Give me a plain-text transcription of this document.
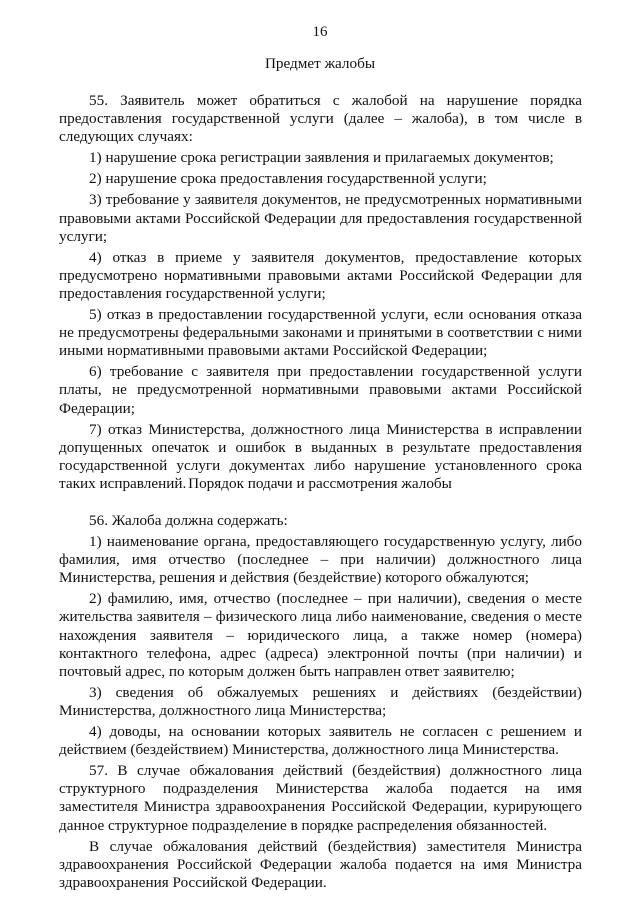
16
Предмет жалобы

55. Заявитель может обратиться с жалобой на нарушение порядка предоставления государственной услуги (далее – жалоба), в том числе в следующих случаях:

1) нарушение срока регистрации заявления и прилагаемых документов;

2) нарушение срока предоставления государственной услуги;

3) требование у заявителя документов, не предусмотренных нормативными правовыми актами Российской Федерации для предоставления государственной услуги;

4) отказ в приеме у заявителя документов, предоставление которых предусмотрено нормативными правовыми актами Российской Федерации для предоставления государственной услуги;

5) отказ в предоставлении государственной услуги, если основания отказа не предусмотрены федеральными законами и принятыми в соответствии с ними иными нормативными правовыми актами Российской Федерации;

6) требование с заявителя при предоставлении государственной услуги платы, не предусмотренной нормативными правовыми актами Российской Федерации;

7) отказ Министерства, должностного лица Министерства в исправлении допущенных опечаток и ошибок в выданных в результате предоставления государственной услуги документах либо нарушение установленного срока таких исправлений. Порядок подачи и рассмотрения жалобы

56. Жалоба должна содержать:

1) наименование органа, предоставляющего государственную услугу, либо фамилия, имя отчество (последнее – при наличии) должностного лица Министерства, решения и действия (бездействие) которого обжалуются;

2) фамилию, имя, отчество (последнее – при наличии), сведения о месте жительства заявителя – физического лица либо наименование, сведения о месте нахождения заявителя – юридического лица, а также номер (номера) контактного телефона, адрес (адреса) электронной почты (при наличии) и почтовый адрес, по которым должен быть направлен ответ заявителю;

3) сведения об обжалуемых решениях и действиях (бездействии) Министерства, должностного лица Министерства;

4) доводы, на основании которых заявитель не согласен с решением и действием (бездействием) Министерства, должностного лица Министерства.

57. В случае обжалования действий (бездействия) должностного лица структурного подразделения Министерства жалоба подается на имя заместителя Министра здравоохранения Российской Федерации, курирующего данное структурное подразделение в порядке распределения обязанностей.

В случае обжалования действий (бездействия) заместителя Министра здравоохранения Российской Федерации жалоба подается на имя Министра здравоохранения Российской Федерации.
